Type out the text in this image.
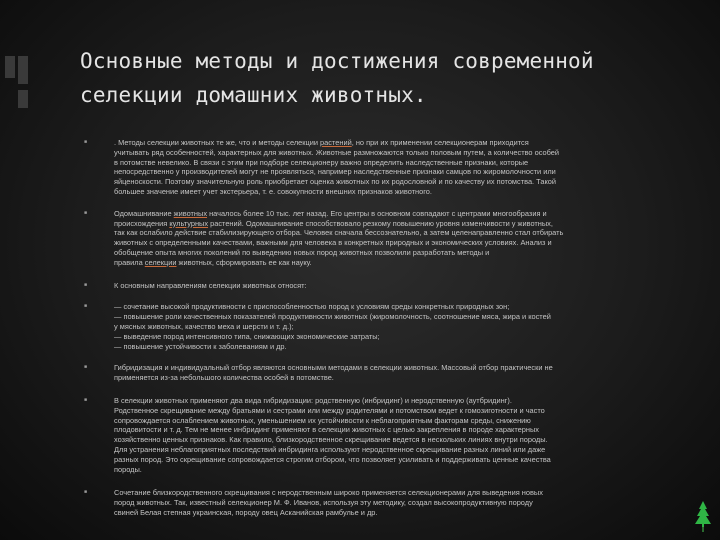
Основные методы и достижения современной
селекции домашних животных.
■	. Методы селекции животных те же, что и методы селекции растений, но при их применении селекционерам приходится
учитывать ряд особенностей, характерных для животных. Животные размножаются только половым путем, а количество особей
в потомстве невелико. В связи с этим при подборе селекционеру важно определить наследственные признаки, которые
непосредственно у производителей могут не проявляться, например наследственные признаки самцов по жиромолочности или
яйценоскости. Поэтому значительную роль приобретает оценка животных по их родословной и по качеству их потомства. Такой
большее значение имеет учет экстерьера, т. е. совокупности внешних признаков животного.
■	Одомашнивание животных началось более 10 тыс. лет назад. Его центры в основном совпадают с центрами многообразия и
происхождения культурных растений. Одомашнивание способствовало резкому повышению уровня изменчивости у животных,
так как ослабило действие стабилизирующего отбора. Человек сначала бессознательно, а затем целенаправленно стал отбирать
животных с определенными качествами, важными для человека в конкретных природных и экономических условиях. Анализ и
обобщение опыта многих поколений по выведению новых пород животных позволили разработать методы и
правила селекции животных, сформировать ее как науку.
■	К основным направлениям селекции животных относят:
■	— сочетание высокой продуктивности с приспособленностью пород к условиям среды конкретных природных зон;
— повышение роли качественных показателей продуктивности животных (жиромолочность, соотношение мяса, жира и костей
у мясных животных, качество меха и шерсти и т. д.);
— выведение пород интенсивного типа, снижающих экономические затраты;
— повышение устойчивости к заболеваниям и др.
■	Гибридизация и индивидуальный отбор являются основными методами в селекции животных. Массовый отбор практически не
применяется из-за небольшого количества особей в потомстве.
■	В селекции животных применяют два вида гибридизации: родственную (инбридинг) и неродственную (аутбридинг).
Родственное скрещивание между братьями и сестрами или между родителями и потомством ведет к гомозиготности и часто
сопровождается ослаблением животных, уменьшением их устойчивости к неблагоприятным факторам среды, снижению
плодовитости и т. д. Тем не менее инбридинг применяют в селекции животных с целью закрепления в породе характерных
хозяйственно ценных признаков. Как правило, близкородственное скрещивание ведется в нескольких линиях внутри породы.
Для устранения неблагоприятных последствий инбридинга используют неродственное скрещивание разных линий или даже
разных пород. Это скрещивание сопровождается строгим отбором, что позволяет усиливать и поддерживать ценные качества
породы.
■	Сочетание близкородственного скрещивания с неродственным широко применяется селекционерами для выведения новых
пород животных. Так, известный селекционер М. Ф. Иванов, используя эту методику, создал высокопродуктивную породу
свиней Белая степная украинская, породу овец Асканийская рамбулье и др.
